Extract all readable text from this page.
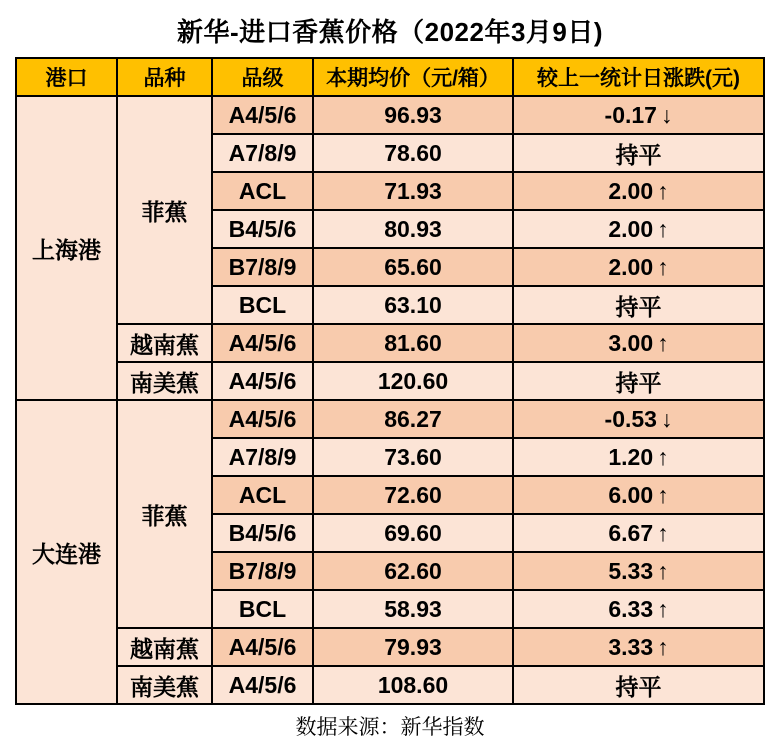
新华-进口香蕉价格（2022年3月9日)
港口	品种	品级	本期均价（元/箱）	较上一统计日涨跌(元)
上海港	菲蕉	A4/5/6	96.93	-0.17 ↓
		A7/8/9	78.60	持平
		ACL	71.93	2.00 ↑
		B4/5/6	80.93	2.00 ↑
		B7/8/9	65.60	2.00 ↑
		BCL	63.10	持平
	越南蕉	A4/5/6	81.60	3.00 ↑
	南美蕉	A4/5/6	120.60	持平
大连港	菲蕉	A4/5/6	86.27	-0.53 ↓
		A7/8/9	73.60	1.20 ↑
		ACL	72.60	6.00 ↑
		B4/5/6	69.60	6.67 ↑
		B7/8/9	62.60	5.33 ↑
		BCL	58.93	6.33 ↑
	越南蕉	A4/5/6	79.93	3.33 ↑
	南美蕉	A4/5/6	108.60	持平
数据来源：新华指数
